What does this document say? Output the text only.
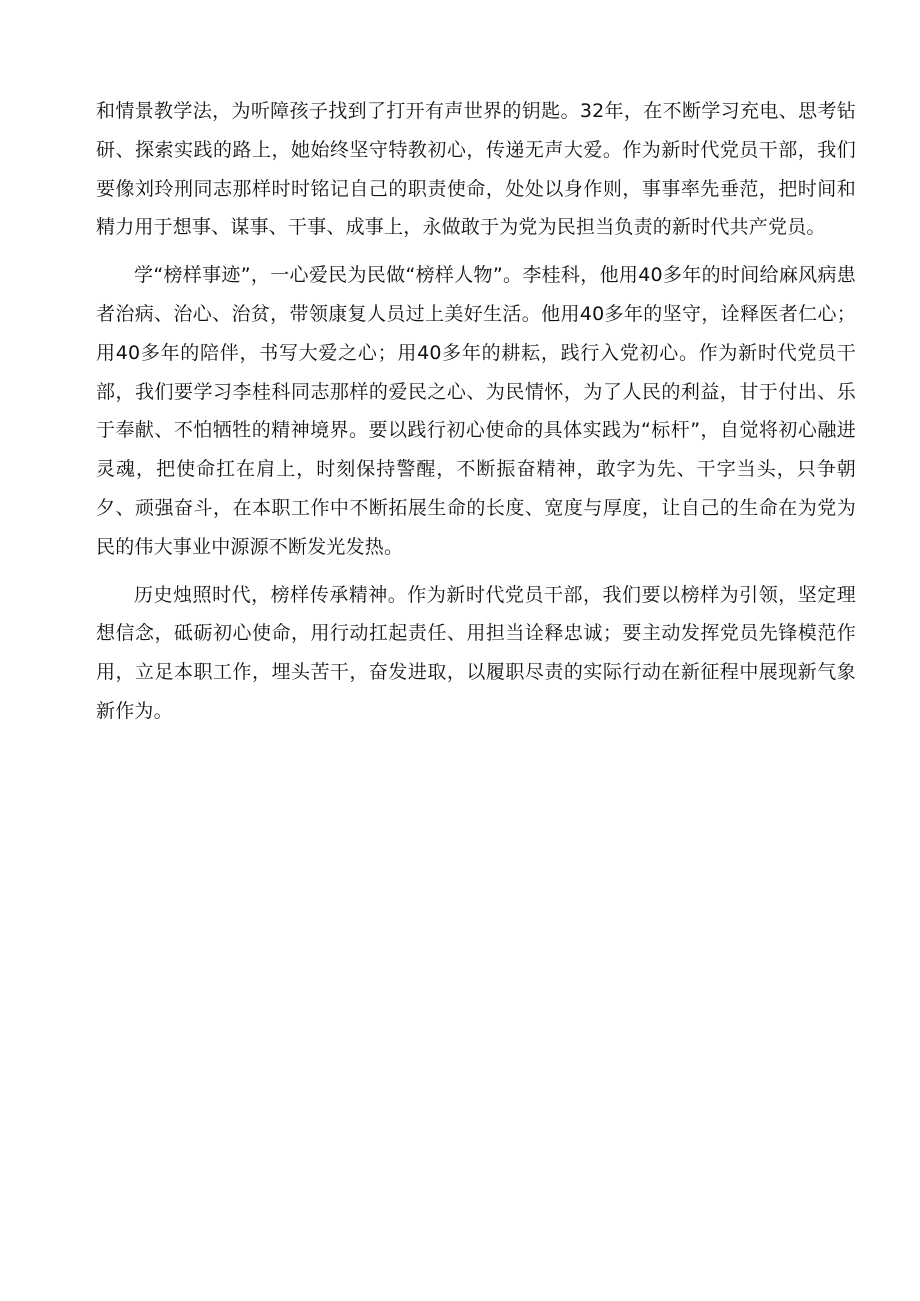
和情景教学法，为听障孩子找到了打开有声世界的钥匙。32年，在不断学习充电、思考钻研、探索实践的路上，她始终坚守特教初心，传递无声大爱。作为新时代党员干部，我们要像刘玲刑同志那样时时铭记自己的职责使命，处处以身作则，事事率先垂范，把时间和精力用于想事、谋事、干事、成事上，永做敢于为党为民担当负责的新时代共产党员。

学“榜样事迹”，一心爱民为民做“榜样人物”。李桂科，他用40多年的时间给麻风病患者治病、治心、治贫，带领康复人员过上美好生活。他用40多年的坚守，诠释医者仁心；用40多年的陪伴，书写大爱之心；用40多年的耕耘，践行入党初心。作为新时代党员干部，我们要学习李桂科同志那样的爱民之心、为民情怀，为了人民的利益，甘于付出、乐于奉献、不怕牺牲的精神境界。要以践行初心使命的具体实践为“标杆”，自觉将初心融进灵魂，把使命扛在肩上，时刻保持警醒，不断振奋精神，敢字为先、干字当头，只争朝夕、顽强奋斗，在本职工作中不断拓展生命的长度、宽度与厚度，让自己的生命在为党为民的伟大事业中源源不断发光发热。

历史烛照时代，榜样传承精神。作为新时代党员干部，我们要以榜样为引领，坚定理想信念，砥砺初心使命，用行动扛起责任、用担当诠释忠诚；要主动发挥党员先锋模范作用，立足本职工作，埋头苦干，奋发进取，以履职尽责的实际行动在新征程中展现新气象新作为。
